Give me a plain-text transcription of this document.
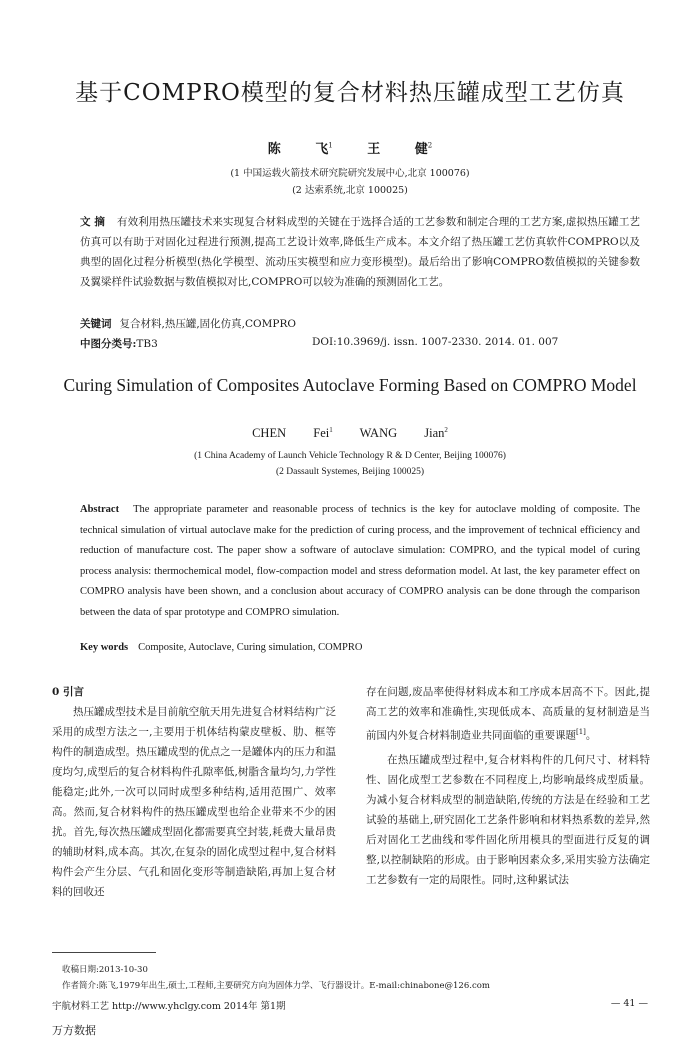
基于COMPRO模型的复合材料热压罐成型工艺仿真
陈 飞$^1$	王 健$^2$
(1 中国运载火箭技术研究院研究发展中心,北京 100076)
(2 达索系统,北京 100025)
文 摘 有效利用热压罐技术来实现复合材料成型的关键在于选择合适的工艺参数和制定合理的工艺方案,虚拟热压罐工艺仿真可以有助于对固化过程进行预测,提高工艺设计效率,降低生产成本。本文介绍了热压罐工艺仿真软件COMPRO以及典型的固化过程分析模型(热化学模型、流动压实模型和应力变形模型)。最后给出了影响COMPRO数值模拟的关键参数及翼梁样件试验数据与数值模拟对比,COMPRO可以较为准确的预测固化工艺。
关键词 复合材料,热压罐,固化仿真,COMPRO
中图分类号:TB3	DOI:10.3969/j. issn. 1007-2330. 2014. 01. 007
Curing Simulation of Composites Autoclave Forming Based on COMPRO Model
CHEN Fei$^1$ WANG Jian$^2$
(1 China Academy of Launch Vehicle Technology R & D Center, Beijing 100076)
(2 Dassault Systemes, Beijing 100025)
Abstract The appropriate parameter and reasonable process of technics is the key for autoclave molding of composite. The technical simulation of virtual autoclave make for the prediction of curing process, and the improvement of technical efficiency and reduction of manufacture cost. The paper show a software of autoclave simulation: COMPRO, and the typical model of curing process analysis: thermochemical model, flow-compaction model and stress deformation model. At last, the key parameter effect on COMPRO analysis have been shown, and a conclusion about accuracy of COMPRO analysis can be done through the comparison between the data of spar prototype and COMPRO simulation.
Key words Composite, Autoclave, Curing simulation, COMPRO

0 引言

热压罐成型技术是目前航空航天用先进复合材料结构广泛采用的成型方法之一,主要用于机体结构蒙皮壁板、肋、框等构件的制造成型。热压罐成型的优点之一是罐体内的压力和温度均匀,成型后的复合材料构件孔隙率低,树脂含量均匀,力学性能稳定;此外,一次可以同时成型多种结构,适用范围广、效率高。然而,复合材料构件的热压罐成型也给企业带来不少的困扰。首先,每次热压罐成型固化都需要真空封装,耗费大量昂贵的辅助材料,成本高。其次,在复杂的固化成型过程中,复合材料构件会产生分层、气孔和固化变形等制造缺陷,再加上复合材料的回收还

存在问题,废品率使得材料成本和工序成本居高不下。因此,提高工艺的效率和准确性,实现低成本、高质量的复材制造是当前国内外复合材料制造业共同面临的重要课题[1]。

在热压罐成型过程中,复合材料构件的几何尺寸、材料特性、固化成型工艺参数在不同程度上,均影响最终成型质量。为减小复合材料成型的制造缺陷,传统的方法是在经验和工艺试验的基础上,研究固化工艺条件影响和材料热系数的差异,然后对固化工艺曲线和零件固化所用模具的型面进行反复的调整,以控制缺陷的形成。由于影响因素众多,采用实验方法确定工艺参数有一定的局限性。同时,这种累试法

收稿日期:2013-10-30
作者简介:陈飞,1979年出生,硕士,工程师,主要研究方向为固体力学、飞行器设计。E-mail:chinabone@126.com
宇航材料工艺 http://www.yhclgy.com 2014年 第1期	— 41 —
万方数据
